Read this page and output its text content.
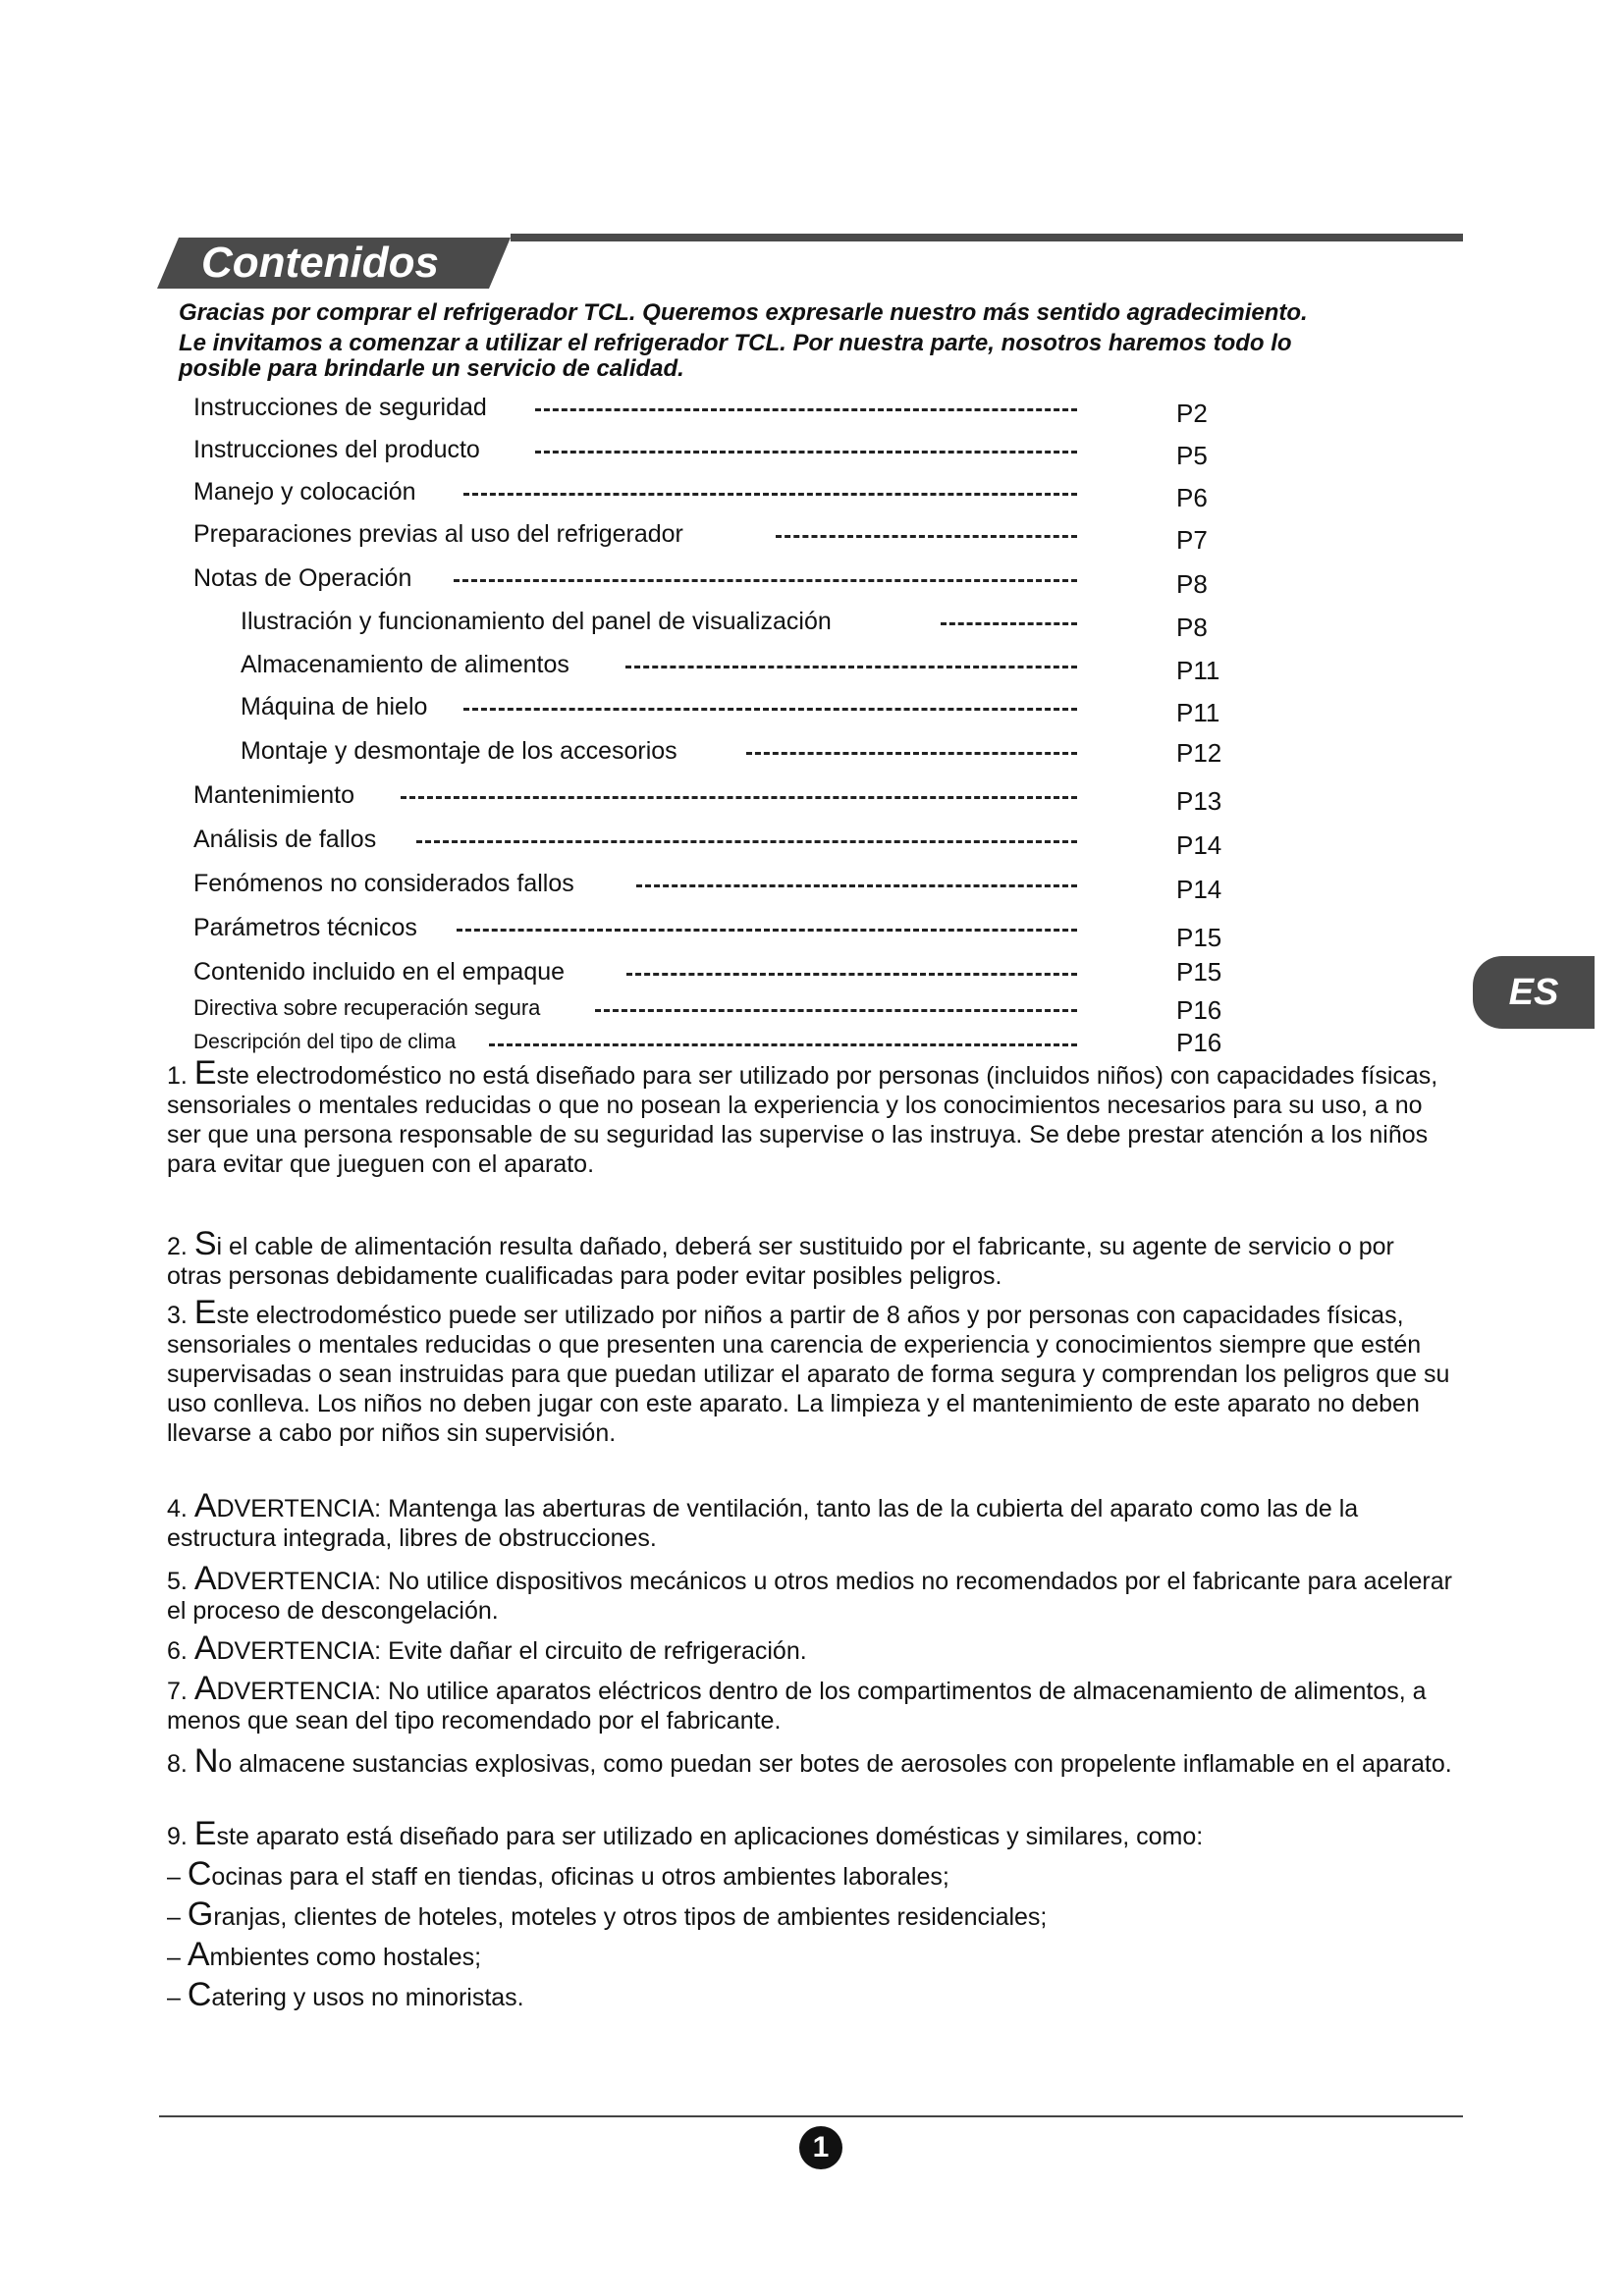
Contenidos
Gracias por comprar el refrigerador TCL. Queremos expresarle nuestro más sentido agradecimiento.
Le invitamos a comenzar a utilizar el refrigerador TCL. Por nuestra parte, nosotros haremos todo lo posible para brindarle un servicio de calidad.
Instrucciones de seguridad	P2
Instrucciones del producto	P5
Manejo y colocación	P6
Preparaciones previas al uso del refrigerador	P7
Notas de Operación	P8
Ilustración y funcionamiento del panel de visualización	P8
Almacenamiento de alimentos	P11
Máquina de hielo	P11
Montaje y desmontaje de los accesorios	P12
Mantenimiento	P13
Análisis de fallos	P14
Fenómenos no considerados fallos	P14
Parámetros técnicos	P15
Contenido incluido en el empaque	P15
Directiva sobre recuperación segura	P16
Descripción del tipo de clima	P16
ES
1. Este electrodoméstico no está diseñado para ser utilizado por personas (incluidos niños) con capacidades físicas, sensoriales o mentales reducidas o que no posean la experiencia y los conocimientos necesarios para su uso, a no ser que una persona responsable de su seguridad las supervise o las instruya. Se debe prestar atención a los niños para evitar que jueguen con el aparato.
2. Si el cable de alimentación resulta dañado, deberá ser sustituido por el fabricante, su agente de servicio o por otras personas debidamente cualificadas para poder evitar posibles peligros.
3. Este electrodoméstico puede ser utilizado por niños a partir de 8 años y por personas con capacidades físicas, sensoriales o mentales reducidas o que presenten una carencia de experiencia y conocimientos siempre que estén supervisadas o sean instruidas para que puedan utilizar el aparato de forma segura y comprendan los peligros que su uso conlleva. Los niños no deben jugar con este aparato. La limpieza y el mantenimiento de este aparato no deben llevarse a cabo por niños sin supervisión.
4. ADVERTENCIA: Mantenga las aberturas de ventilación, tanto las de la cubierta del aparato como las de la estructura integrada, libres de obstrucciones.
5. ADVERTENCIA: No utilice dispositivos mecánicos u otros medios no recomendados por el fabricante para acelerar el proceso de descongelación.
6. ADVERTENCIA: Evite dañar el circuito de refrigeración.
7. ADVERTENCIA: No utilice aparatos eléctricos dentro de los compartimentos de almacenamiento de alimentos, a menos que sean del tipo recomendado por el fabricante.
8. No almacene sustancias explosivas, como puedan ser botes de aerosoles con propelente inflamable en el aparato.
9. Este aparato está diseñado para ser utilizado en aplicaciones domésticas y similares, como:
– Cocinas para el staff en tiendas, oficinas u otros ambientes laborales;
– Granjas, clientes de hoteles, moteles y otros tipos de ambientes residenciales;
– Ambientes como hostales;
– Catering y usos no minoristas.
1
